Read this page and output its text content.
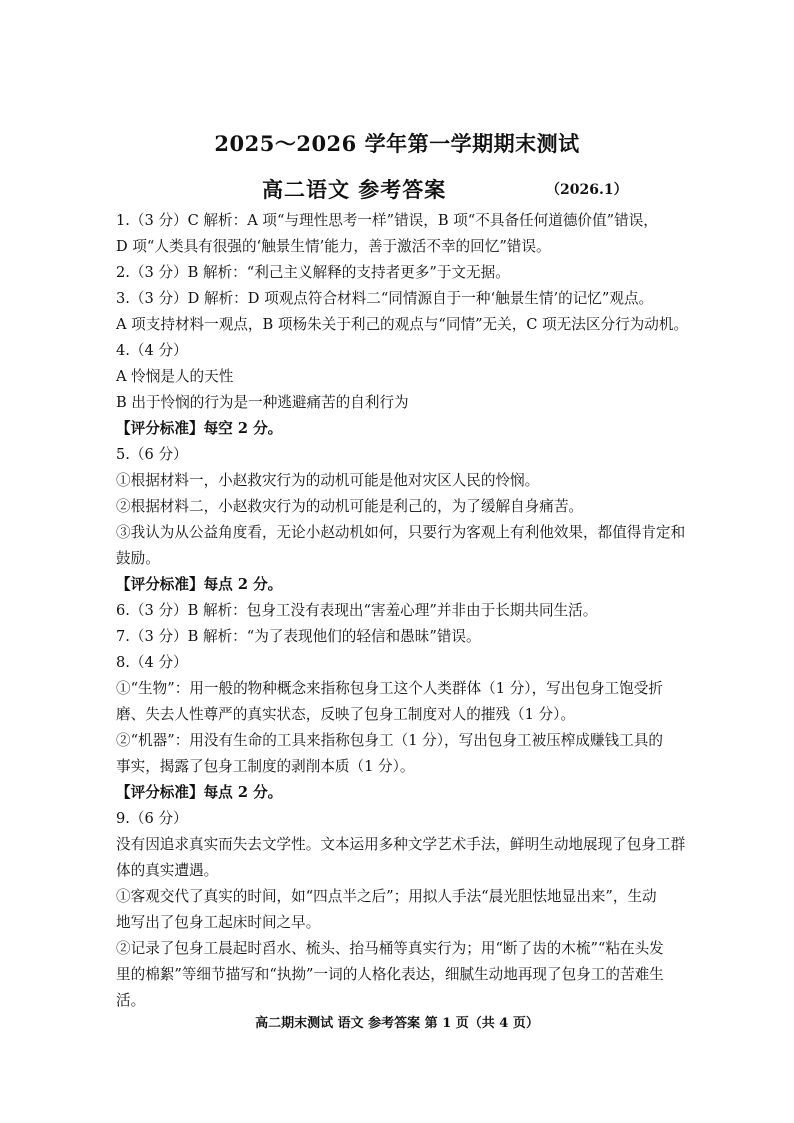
2025～2026 学年第一学期期末测试
高二语文 参考答案	（2026.1）

1.（3 分）C 解析：A 项“与理性思考一样”错误，B 项“不具备任何道德价值”错误，

D 项“人类具有很强的‘触景生情’能力，善于激活不幸的回忆”错误。

2.（3 分）B 解析：“利己主义解释的支持者更多”于文无据。

3.（3 分）D 解析：D 项观点符合材料二“同情源自于一种‘触景生情’的记忆”观点。

A 项支持材料一观点，B 项杨朱关于利己的观点与“同情”无关，C 项无法区分行为动机。

4.（4 分）

A 怜悯是人的天性

B 出于怜悯的行为是一种逃避痛苦的自利行为

【评分标准】每空 2 分。

5.（6 分）

①根据材料一，小赵救灾行为的动机可能是他对灾区人民的怜悯。

②根据材料二，小赵救灾行为的动机可能是利己的，为了缓解自身痛苦。

③我认为从公益角度看，无论小赵动机如何，只要行为客观上有利他效果，都值得肯定和

鼓励。

【评分标准】每点 2 分。

6.（3 分）B 解析：包身工没有表现出“害羞心理”并非由于长期共同生活。

7.（3 分）B 解析：“为了表现他们的轻信和愚昧”错误。

8.（4 分）

①“生物”：用一般的物种概念来指称包身工这个人类群体（1 分），写出包身工饱受折

磨、失去人性尊严的真实状态，反映了包身工制度对人的摧残（1 分）。

②“机器”：用没有生命的工具来指称包身工（1 分），写出包身工被压榨成赚钱工具的

事实，揭露了包身工制度的剥削本质（1 分）。

【评分标准】每点 2 分。

9.（6 分）

没有因追求真实而失去文学性。文本运用多种文学艺术手法，鲜明生动地展现了包身工群

体的真实遭遇。

①客观交代了真实的时间，如“四点半之后”；用拟人手法“晨光胆怯地显出来”，生动

地写出了包身工起床时间之早。

②记录了包身工晨起时舀水、梳头、抬马桶等真实行为；用“断了齿的木梳”“粘在头发

里的棉絮”等细节描写和“执拗”一词的人格化表达，细腻生动地再现了包身工的苦难生

活。

高二期末测试 语文 参考答案 第 1 页（共 4 页）
